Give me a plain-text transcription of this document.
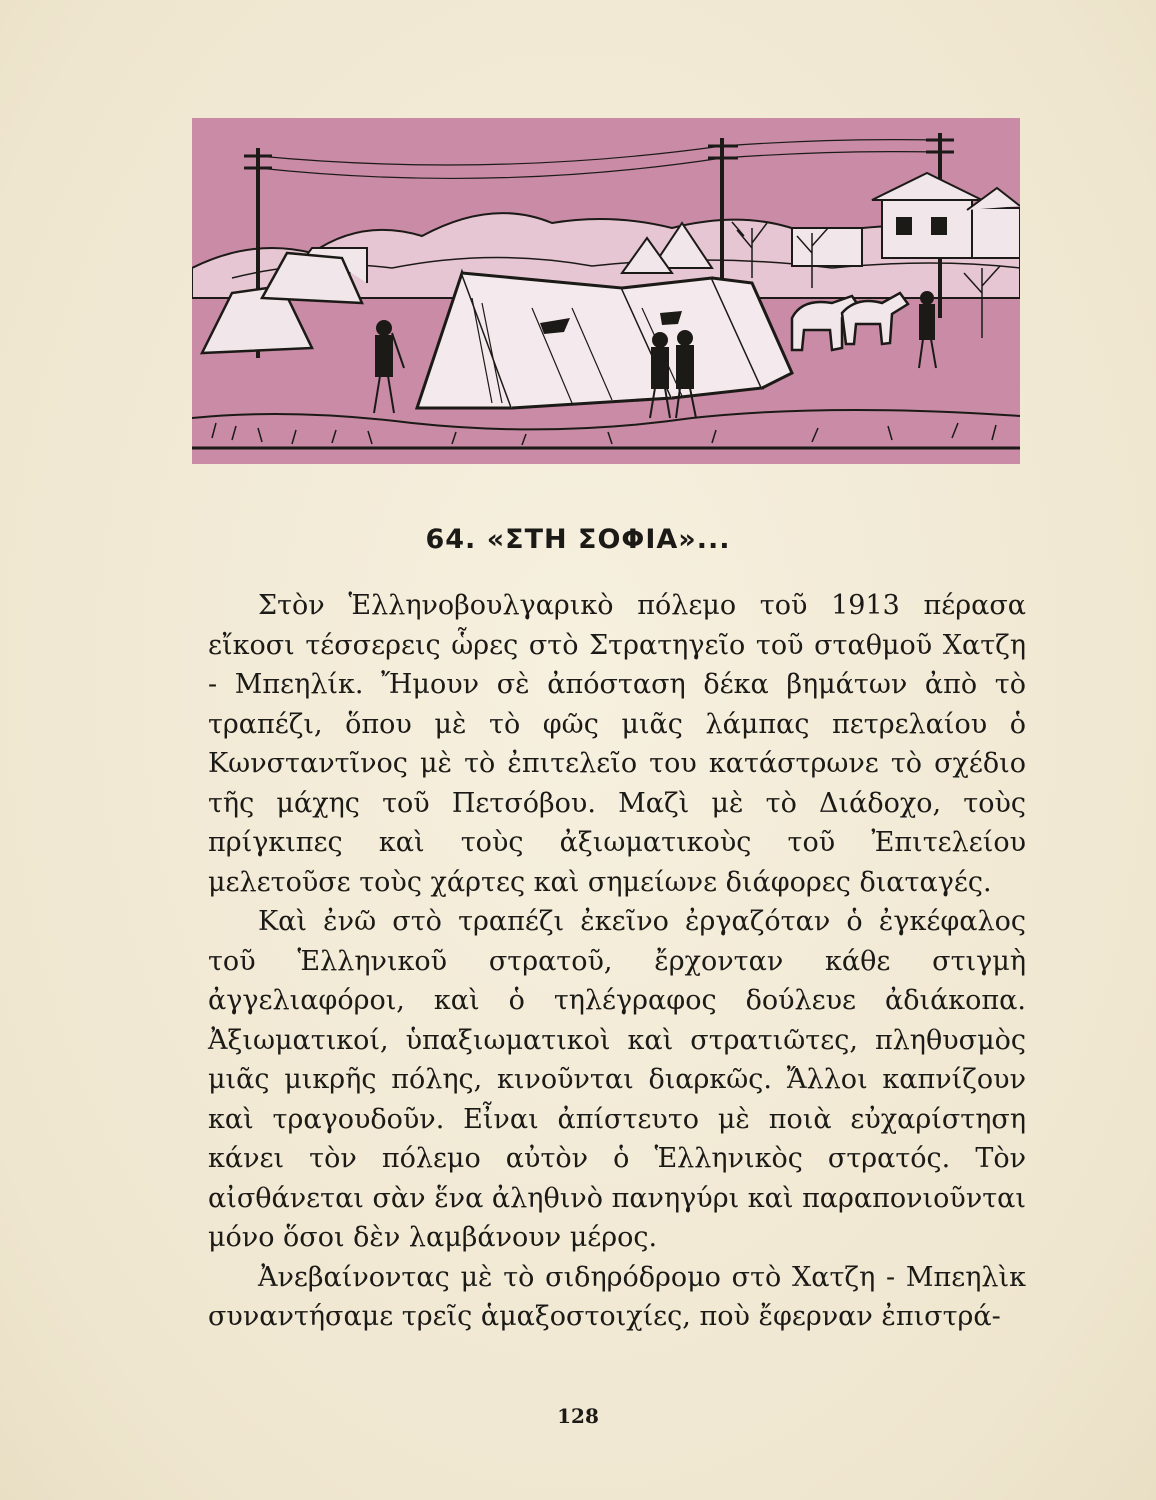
64. «ΣΤΗ ΣΟΦΙΑ»...

Στὸν Ἑλληνοβουλγαρικὸ πόλεμο τοῦ 1913 πέρασα εἴκοσι τέσσερεις ὧρες στὸ Στρατηγεῖο τοῦ σταθμοῦ Χατζη - Μπεηλίκ. Ἤμουν σὲ ἀπόσταση δέκα βημάτων ἀπὸ τὸ τραπέζι, ὅπου μὲ τὸ φῶς μιᾶς λάμπας πετρελαίου ὁ Κωνσταντῖνος μὲ τὸ ἐπιτελεῖο του κατάστρωνε τὸ σχέδιο τῆς μάχης τοῦ Πετσόβου. Μαζὶ μὲ τὸ Διάδοχο, τοὺς πρίγκιπες καὶ τοὺς ἀξιωματικοὺς τοῦ Ἐπιτελείου μελετοῦσε τοὺς χάρτες καὶ σημείωνε διάφορες διαταγές.

Καὶ ἐνῶ στὸ τραπέζι ἐκεῖνο ἐργαζόταν ὁ ἐγκέφαλος τοῦ Ἑλληνικοῦ στρατοῦ, ἔρχονταν κάθε στιγμὴ ἀγγελιαφόροι, καὶ ὁ τηλέγραφος δούλευε ἀδιάκοπα. Ἀξιωματικοί, ὑπαξιωματικοὶ καὶ στρατιῶτες, πληθυσμὸς μιᾶς μικρῆς πόλης, κινοῦνται διαρκῶς. Ἄλλοι καπνίζουν καὶ τραγουδοῦν. Εἶναι ἀπίστευτο μὲ ποιὰ εὐχαρίστηση κάνει τὸν πόλεμο αὐτὸν ὁ Ἑλληνικὸς στρατός. Τὸν αἰσθάνεται σὰν ἕνα ἀληθινὸ πανηγύρι καὶ παραπονιοῦνται μόνο ὅσοι δὲν λαμβάνουν μέρος.

Ἀνεβαίνοντας μὲ τὸ σιδηρόδρομο στὸ Χατζη - Μπεηλὶκ συναντήσαμε τρεῖς ἁμαξοστοιχίες, ποὺ ἔφερναν ἐπιστρά-

128
